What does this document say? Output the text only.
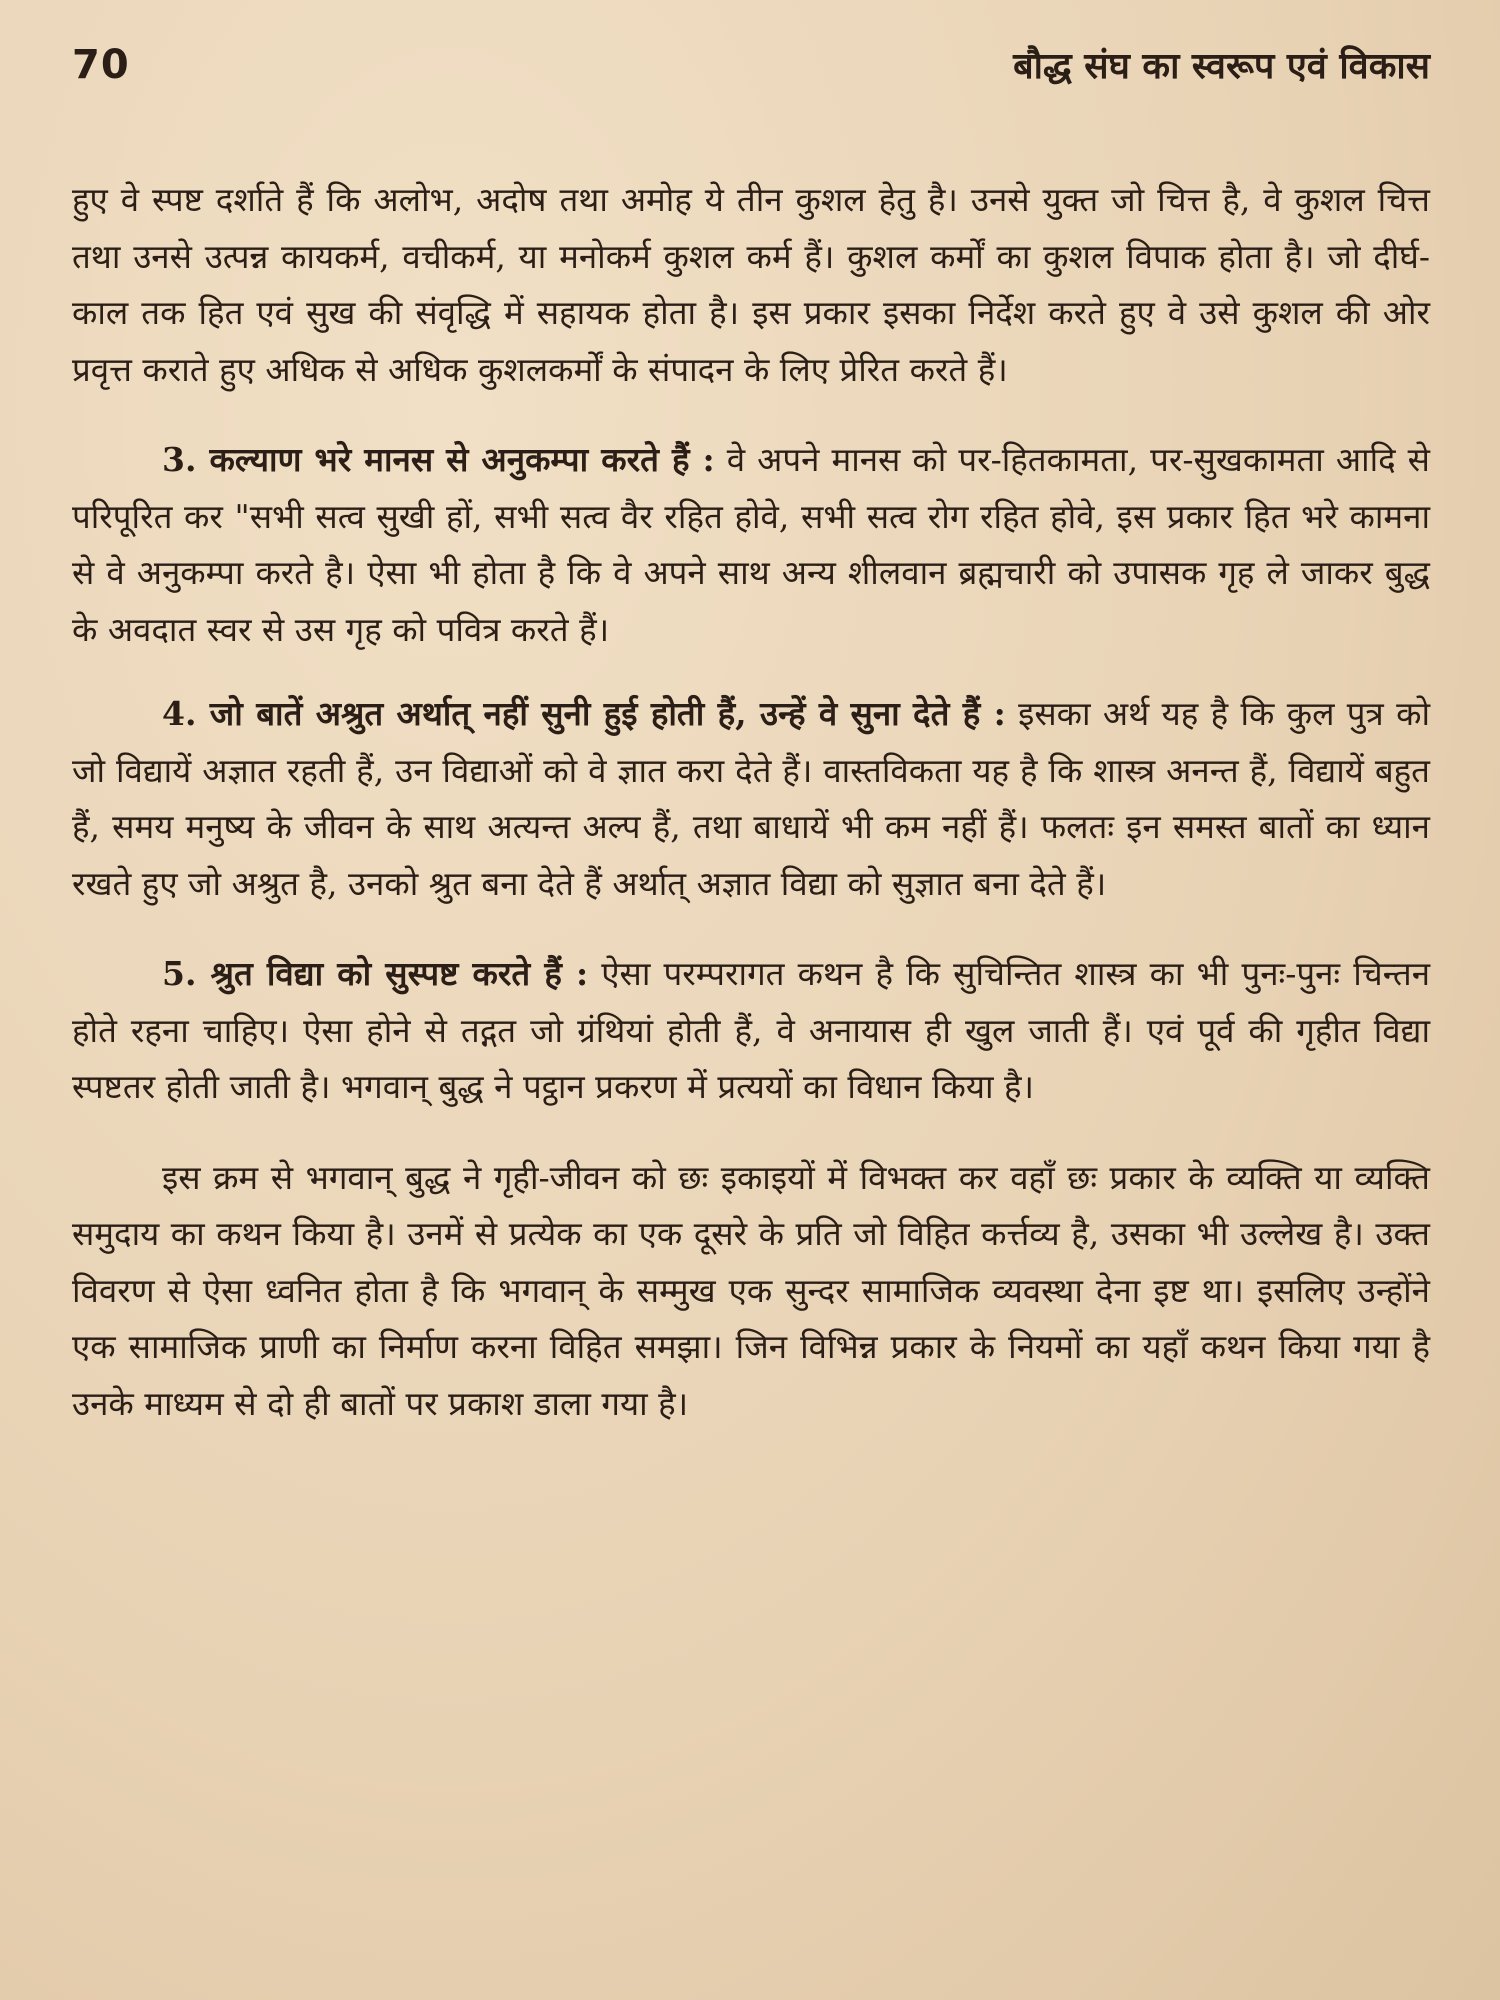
70	बौद्ध संघ का स्वरूप एवं विकास

हुए वे स्पष्ट दर्शाते हैं कि अलोभ, अदोष तथा अमोह ये तीन कुशल हेतु है। उनसे युक्त जो चित्त है, वे कुशल चित्त तथा उनसे उत्पन्न कायकर्म, वचीकर्म, या मनोकर्म कुशल कर्म हैं। कुशल कर्मों का कुशल विपाक होता है। जो दीर्घ-काल तक हित एवं सुख की संवृद्धि में सहायक होता है। इस प्रकार इसका निर्देश करते हुए वे उसे कुशल की ओर प्रवृत्त कराते हुए अधिक से अधिक कुशलकर्मों के संपादन के लिए प्रेरित करते हैं।

3. कल्याण भरे मानस से अनुकम्पा करते हैं : वे अपने मानस को पर-हितकामता, पर-सुखकामता आदि से परिपूरित कर "सभी सत्व सुखी हों, सभी सत्व वैर रहित होवे, सभी सत्व रोग रहित होवे, इस प्रकार हित भरे कामना से वे अनुकम्पा करते है। ऐसा भी होता है कि वे अपने साथ अन्य शीलवान ब्रह्मचारी को उपासक गृह ले जाकर बुद्ध के अवदात स्वर से उस गृह को पवित्र करते हैं।

4. जो बातें अश्रुत अर्थात् नहीं सुनी हुई होती हैं, उन्हें वे सुना देते हैं : इसका अर्थ यह है कि कुल पुत्र को जो विद्यायें अज्ञात रहती हैं, उन विद्याओं को वे ज्ञात करा देते हैं। वास्तविकता यह है कि शास्त्र अनन्त हैं, विद्यायें बहुत हैं, समय मनुष्य के जीवन के साथ अत्यन्त अल्प हैं, तथा बाधायें भी कम नहीं हैं। फलतः इन समस्त बातों का ध्यान रखते हुए जो अश्रुत है, उनको श्रुत बना देते हैं अर्थात् अज्ञात विद्या को सुज्ञात बना देते हैं।

5. श्रुत विद्या को सुस्पष्ट करते हैं : ऐसा परम्परागत कथन है कि सुचिन्तित शास्त्र का भी पुनः-पुनः चिन्तन होते रहना चाहिए। ऐसा होने से तद्गत जो ग्रंथियां होती हैं, वे अनायास ही खुल जाती हैं। एवं पूर्व की गृहीत विद्या स्पष्टतर होती जाती है। भगवान् बुद्ध ने पट्ठान प्रकरण में प्रत्ययों का विधान किया है।

इस क्रम से भगवान् बुद्ध ने गृही-जीवन को छः इकाइयों में विभक्त कर वहाँ छः प्रकार के व्यक्ति या व्यक्ति समुदाय का कथन किया है। उनमें से प्रत्येक का एक दूसरे के प्रति जो विहित कर्त्तव्य है, उसका भी उल्लेख है। उक्त विवरण से ऐसा ध्वनित होता है कि भगवान् के सम्मुख एक सुन्दर सामाजिक व्यवस्था देना इष्ट था। इसलिए उन्होंने एक सामाजिक प्राणी का निर्माण करना विहित समझा। जिन विभिन्न प्रकार के नियमों का यहाँ कथन किया गया है उनके माध्यम से दो ही बातों पर प्रकाश डाला गया है।
